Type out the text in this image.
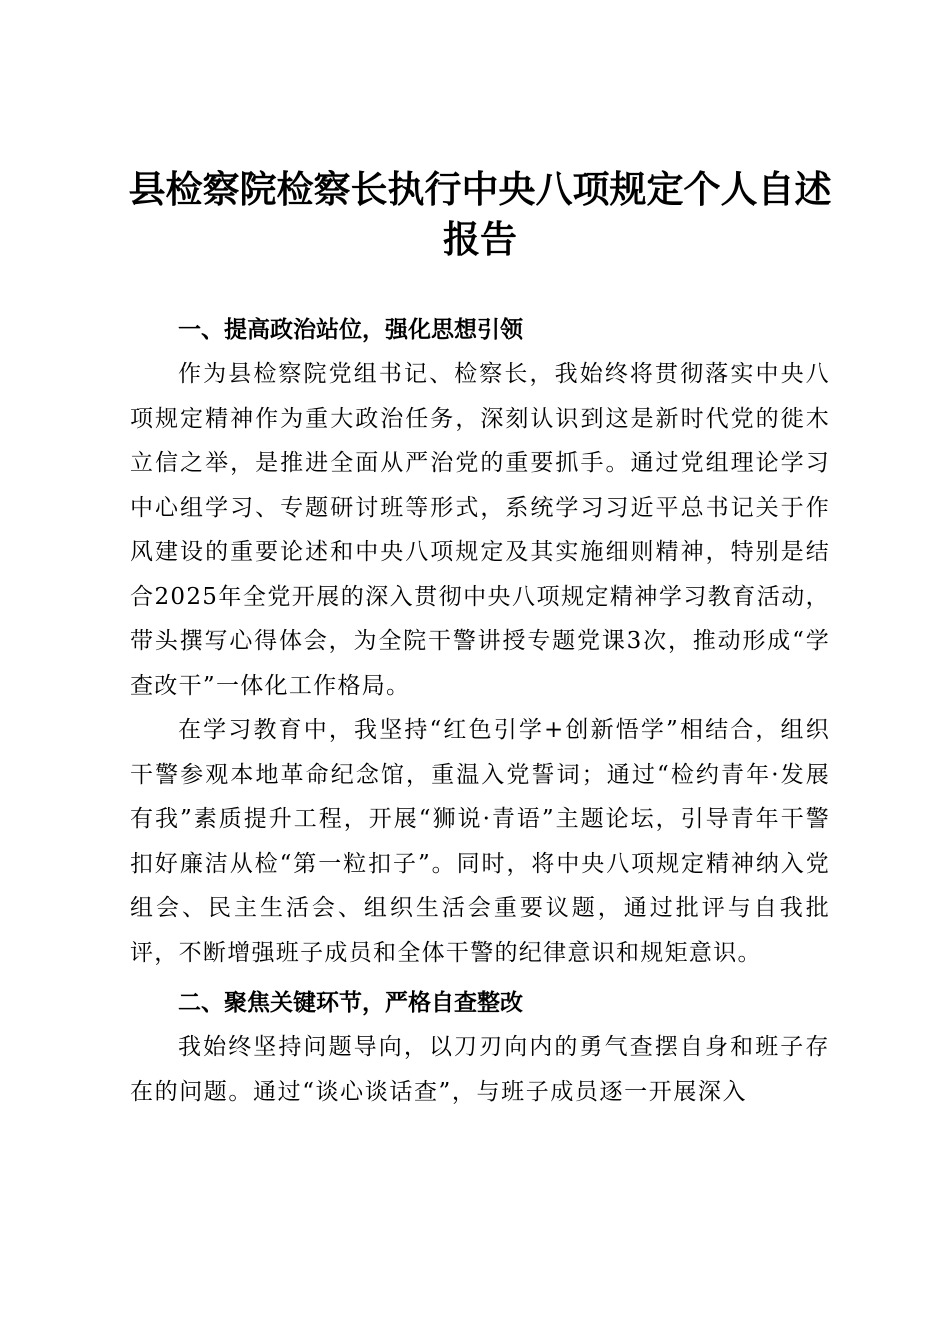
县检察院检察长执行中央八项规定个人自述报告
一、提高政治站位，强化思想引领

作为县检察院党组书记、检察长，我始终将贯彻落实中央八项规定精神作为重大政治任务，深刻认识到这是新时代党的徙木立信之举，是推进全面从严治党的重要抓手。通过党组理论学习中心组学习、专题研讨班等形式，系统学习习近平总书记关于作风建设的重要论述和中央八项规定及其实施细则精神，特别是结合2025年全党开展的深入贯彻中央八项规定精神学习教育活动，带头撰写心得体会，为全院干警讲授专题党课3次，推动形成“学查改干”一体化工作格局。

在学习教育中，我坚持“红色引学+创新悟学”相结合，组织干警参观本地革命纪念馆，重温入党誓词；通过“检约青年·发展有我”素质提升工程，开展“狮说·青语”主题论坛，引导青年干警扣好廉洁从检“第一粒扣子”。同时，将中央八项规定精神纳入党组会、民主生活会、组织生活会重要议题，通过批评与自我批评，不断增强班子成员和全体干警的纪律意识和规矩意识。

二、聚焦关键环节，严格自查整改

我始终坚持问题导向，以刀刃向内的勇气查摆自身和班子存在的问题。通过“谈心谈话查”，与班子成员逐一开展深入
